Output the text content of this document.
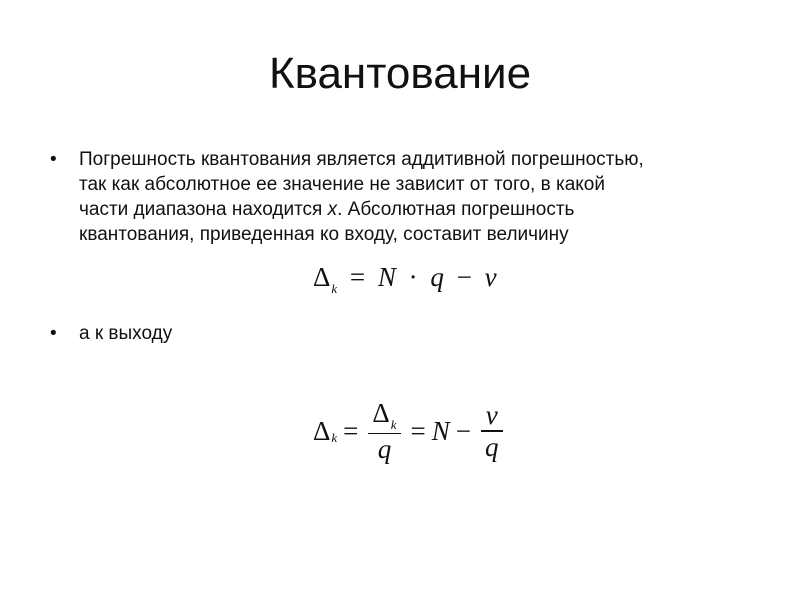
Квантование
•	Погрешность квантования является аддитивной погрешностью,
так как абсолютное ее значение не зависит от того, в какой
части диапазона находится x. Абсолютная погрешность
квантования, приведенная ко входу, составит величину
$\Delta_k = N \cdot q - v$
•	а к выходу
Δ $k = \frac{\Delta_k}{q} = N - \frac{v}{q}$
